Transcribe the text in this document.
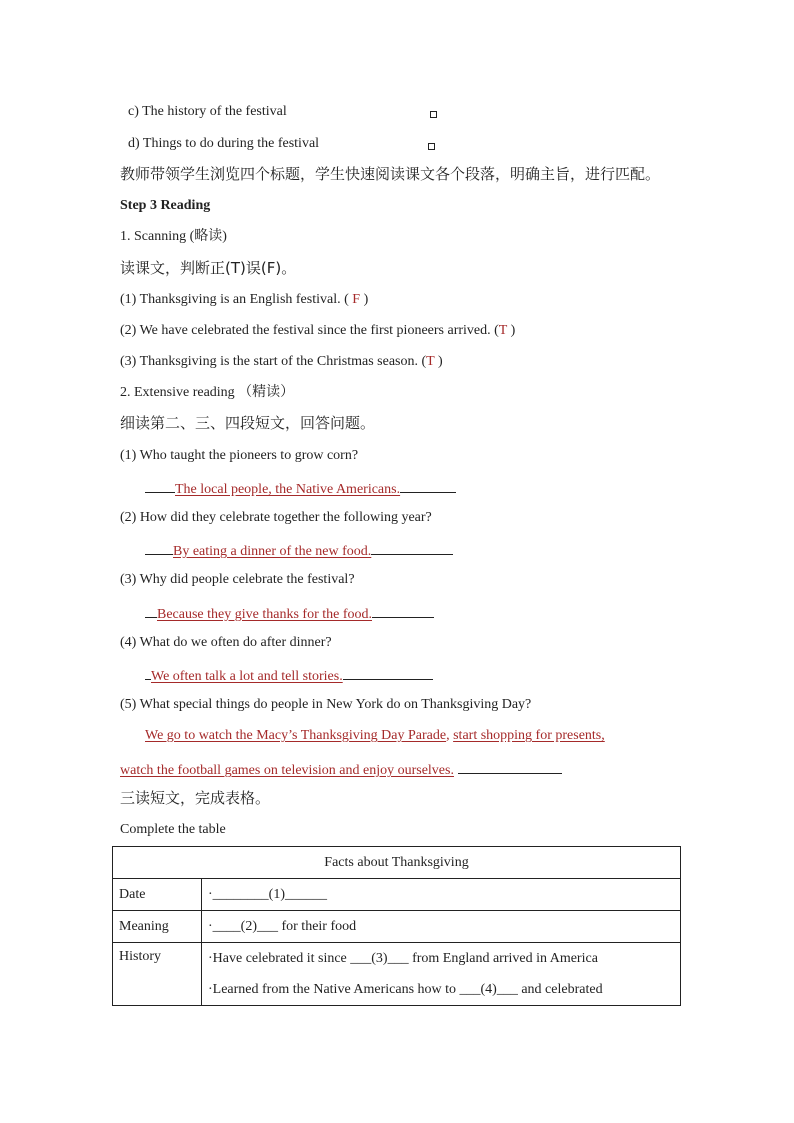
c) The history of the festival
d) Things to do during the festival
教师带领学生浏览四个标题，学生快速阅读课文各个段落，明确主旨，进行匹配。
Step 3 Reading
1. Scanning (略读)
读课文，判断正(T)误(F)。
(1) Thanksgiving is an English festival. ( F )
(2) We have celebrated the festival since the first pioneers arrived. (T )
(3) Thanksgiving is the start of the Christmas season. (T )
2. Extensive reading （精读）
细读第二、三、四段短文，回答问题。
(1) Who taught the pioneers to grow corn?
The local people, the Native Americans.
(2) How did they celebrate together the following year?
By eating a dinner of the new food.
(3) Why did people celebrate the festival?
Because they give thanks for the food.
(4) What do we often do after dinner?
We often talk a lot and tell stories.
(5) What special things do people in New York do on Thanksgiving Day?
We go to watch the Macy’s Thanksgiving Day Parade, start shopping for presents,
watch the football games on television and enjoy ourselves.
三读短文，完成表格。
Complete the table
Facts about Thanksgiving	
Date	·________(1)______
Meaning	·____(2)___ for their food
History	·Have celebrated it since ___(3)___ from England arrived in America
·Learned from the Native Americans how to ___(4)___ and celebrated
